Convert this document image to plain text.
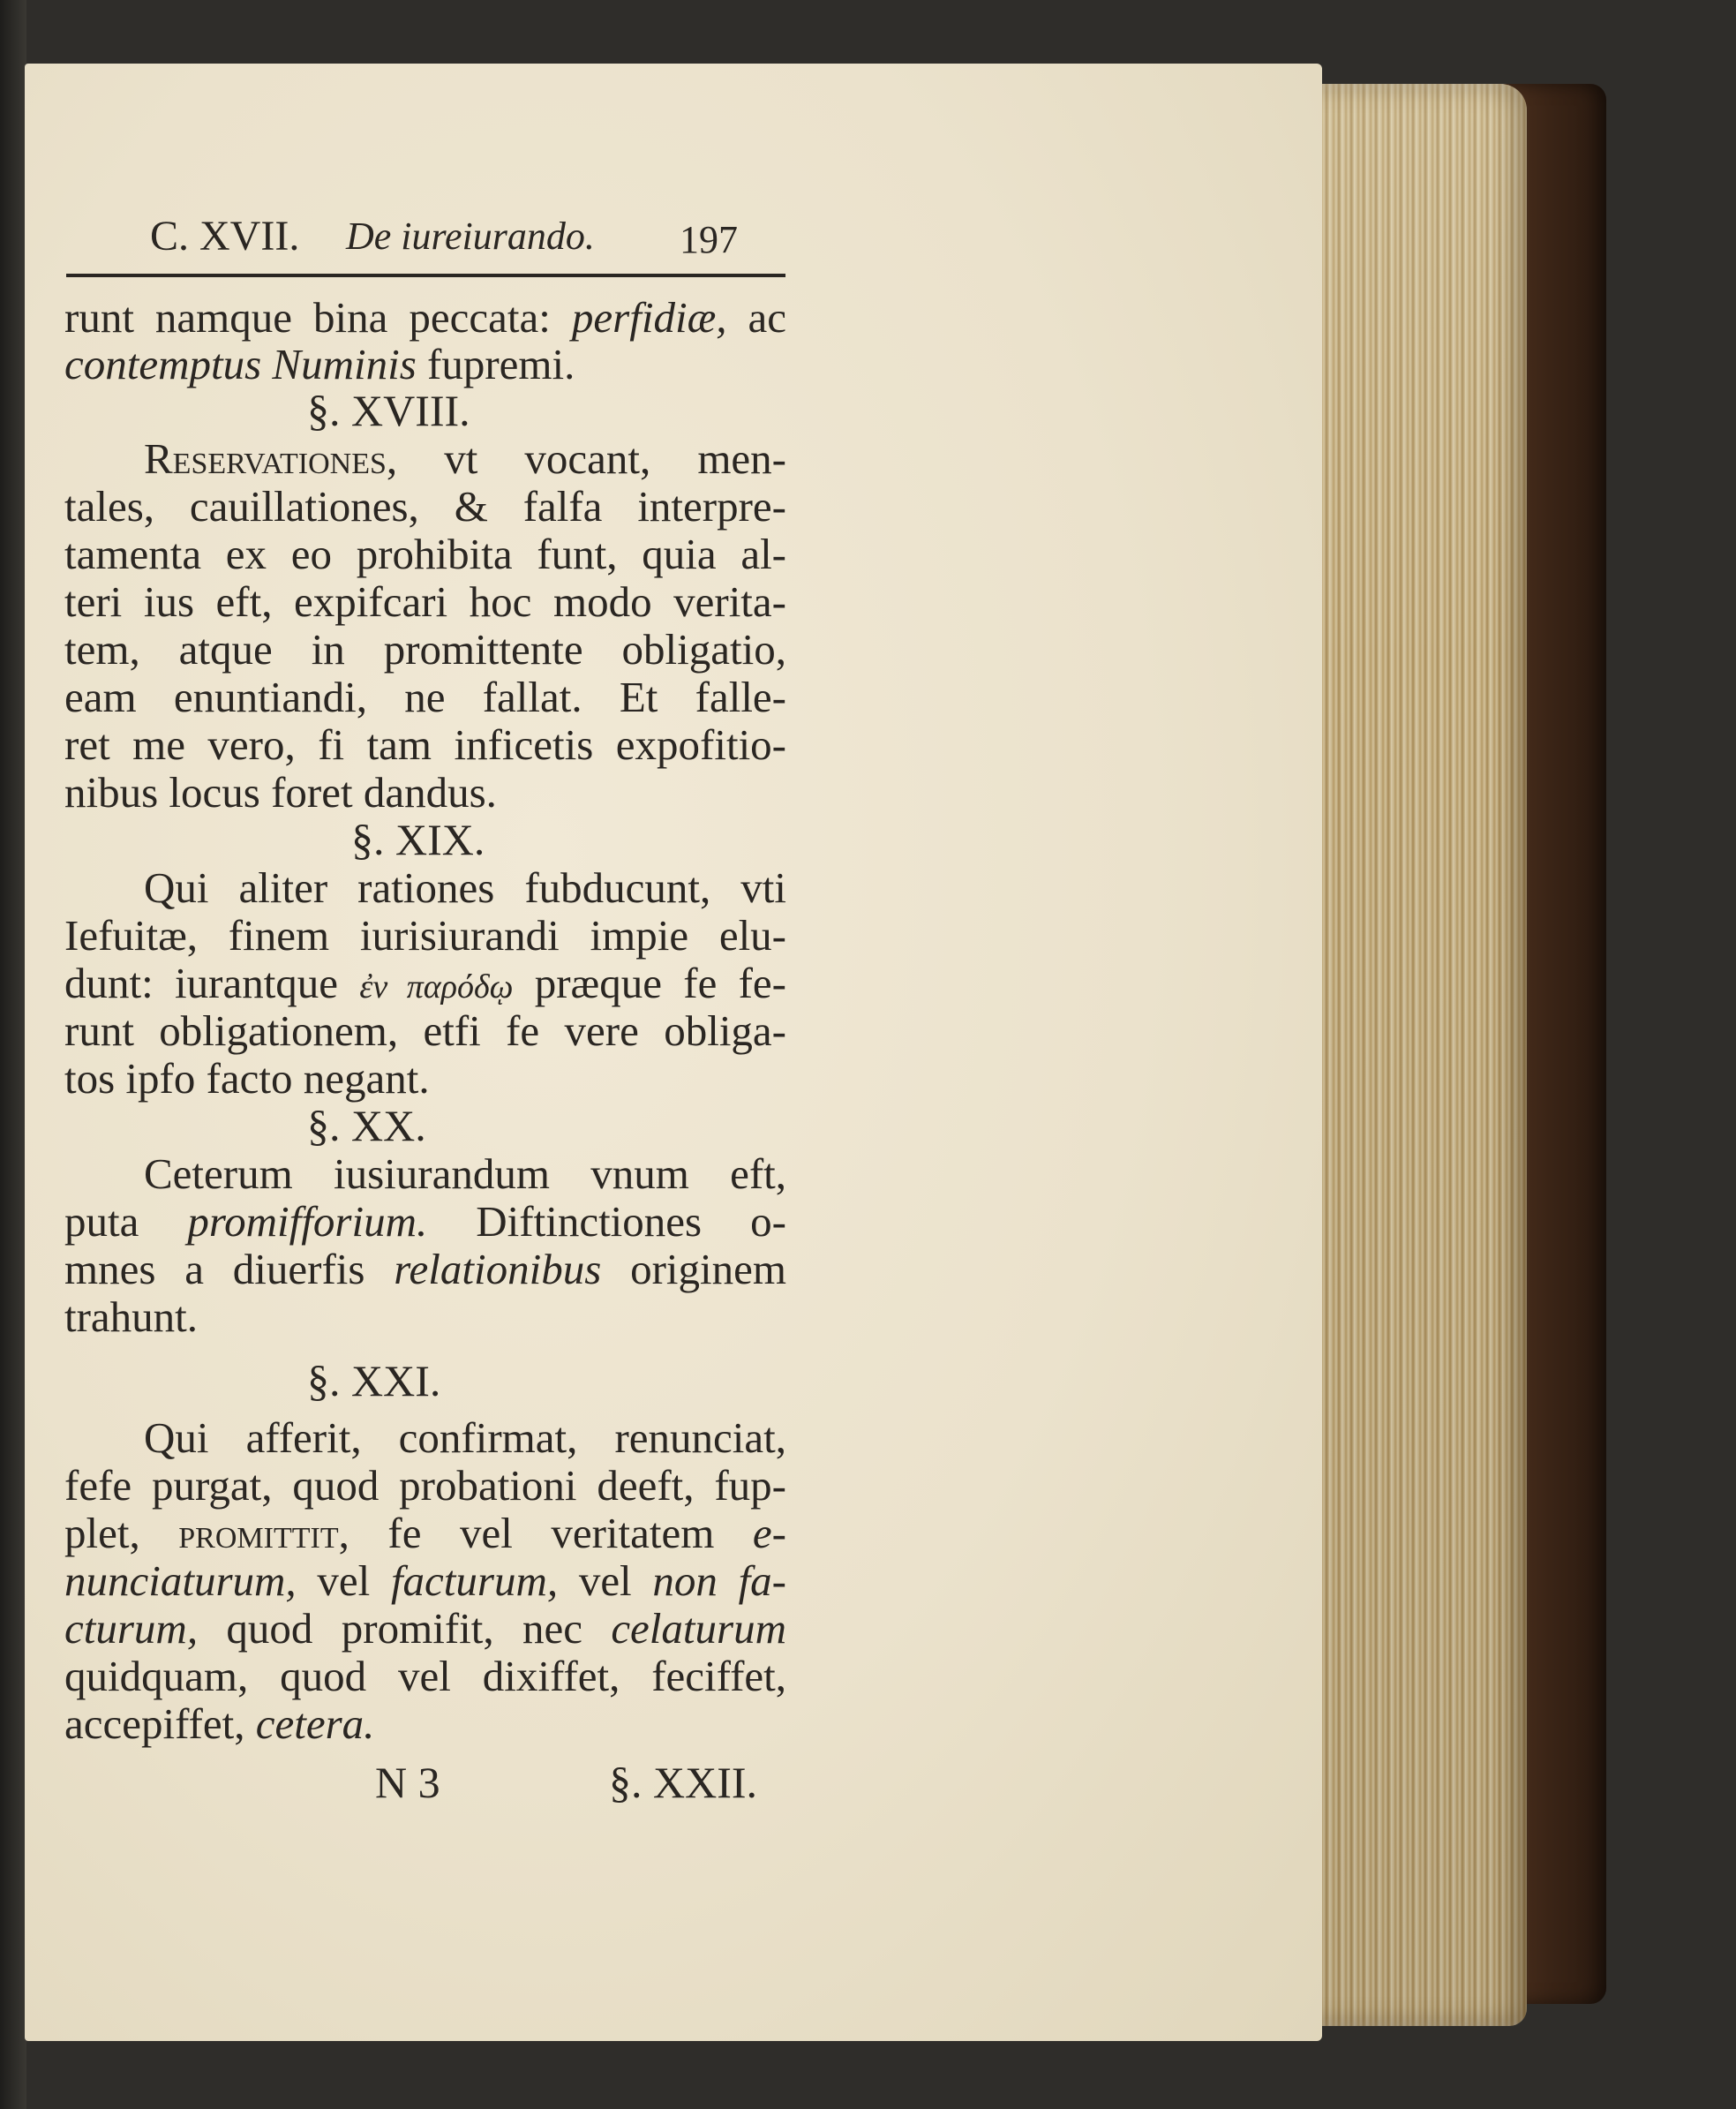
C. XVII. De iureiurando. 197
runt namque bina peccata: perfidiæ, ac
contemptus Numinis fupremi.
§. XVIII.
Reservationes, vt vocant, men-
tales, cauillationes, & falfa interpre-
tamenta ex eo prohibita funt, quia al-
teri ius eft, expifcari hoc modo verita-
tem, atque in promittente obligatio,
eam enuntiandi, ne fallat. Et falle-
ret me vero, fi tam inficetis expofitio-
nibus locus foret dandus.
§. XIX.
Qui aliter rationes fubducunt, vti
Iefuitæ, finem iurisiurandi impie elu-
dunt: iurantque ἐν παρόδῳ præque fe fe-
runt obligationem, etfi fe vere obliga-
tos ipfo facto negant.
§. XX.
Ceterum iusiurandum vnum eft,
puta promifforium. Diftinctiones o-
mnes a diuerfis relationibus originem
trahunt.
§. XXI.
Qui afferit, confirmat, renunciat,
fefe purgat, quod probationi deeft, fup-
plet, promittit, fe vel veritatem e-
nunciaturum, vel facturum, vel non fa-
cturum, quod promifit, nec celaturum
quidquam, quod vel dixiffet, feciffet,
accepiffet, cetera.
N 3	§. XXII.
